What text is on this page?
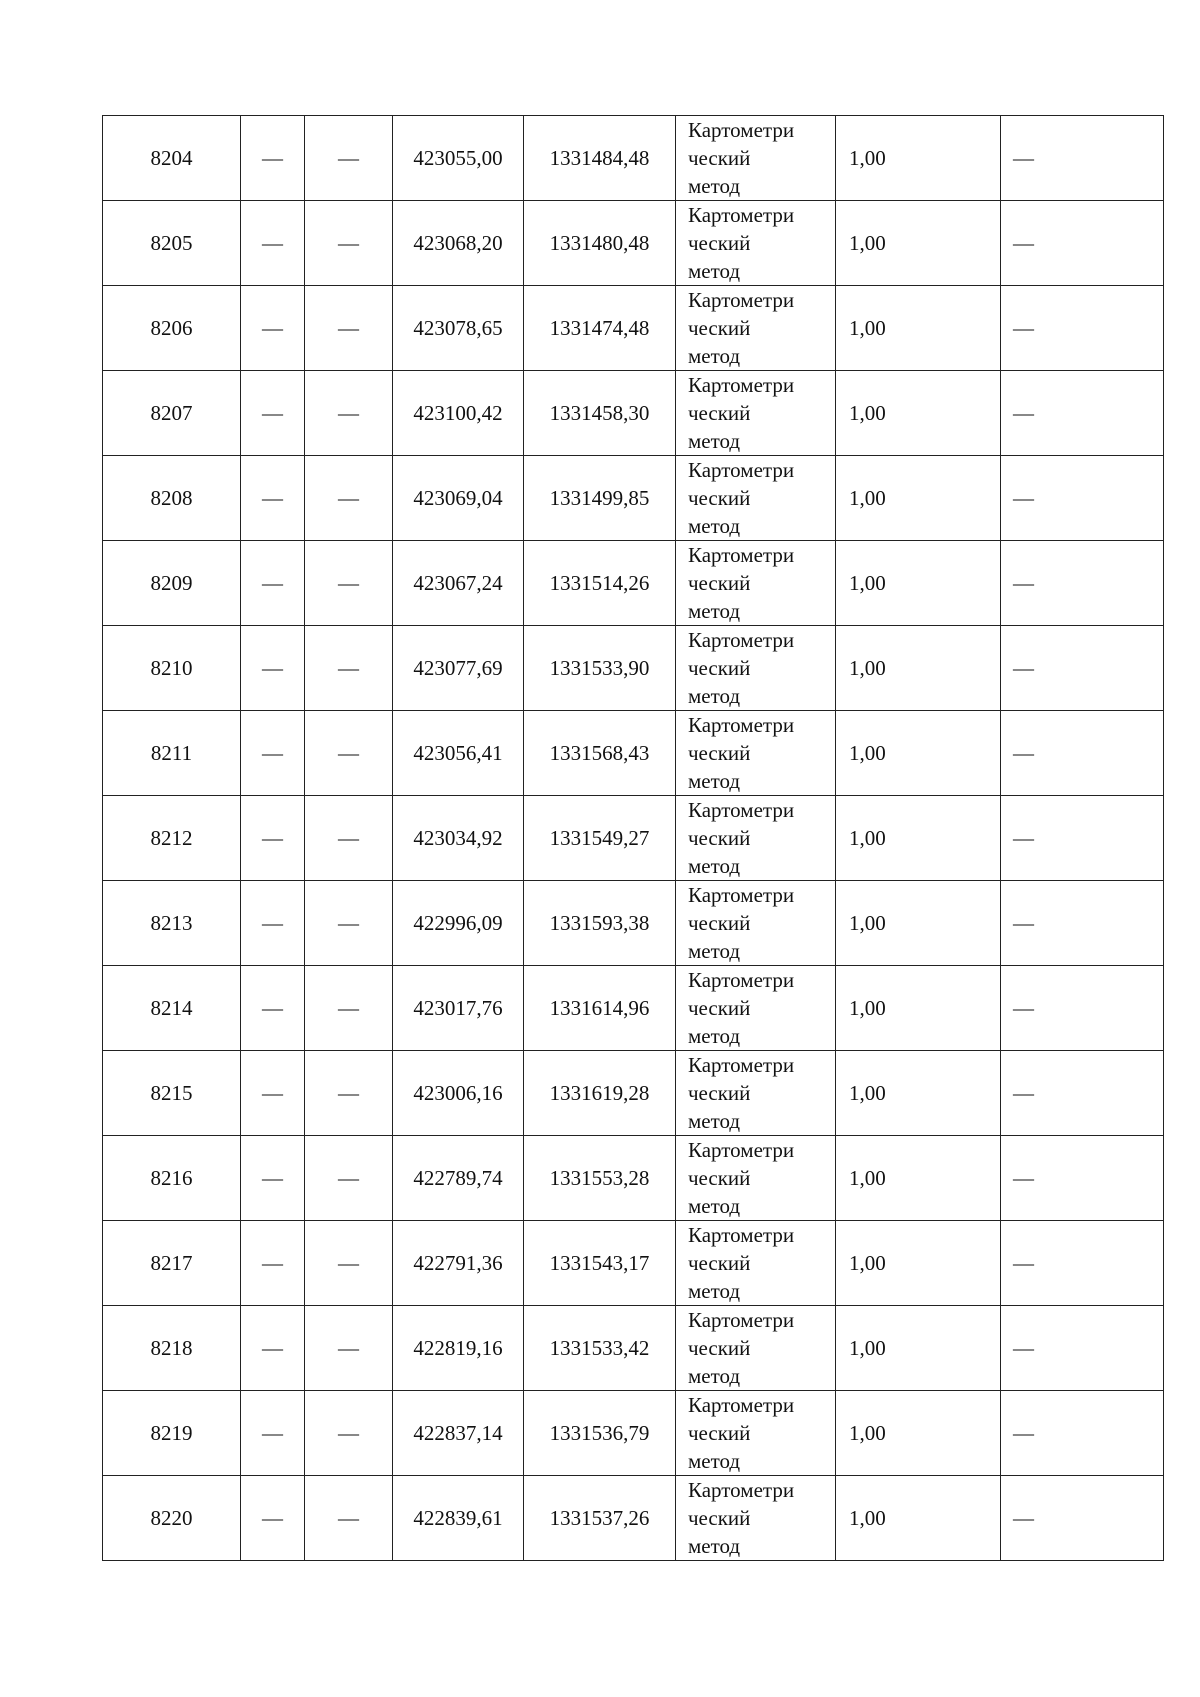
8204	—	—	423055,00	1331484,48	Картометри
ческий
метод	1,00	—
8205	—	—	423068,20	1331480,48	Картометри
ческий
метод	1,00	—
8206	—	—	423078,65	1331474,48	Картометри
ческий
метод	1,00	—
8207	—	—	423100,42	1331458,30	Картометри
ческий
метод	1,00	—
8208	—	—	423069,04	1331499,85	Картометри
ческий
метод	1,00	—
8209	—	—	423067,24	1331514,26	Картометри
ческий
метод	1,00	—
8210	—	—	423077,69	1331533,90	Картометри
ческий
метод	1,00	—
8211	—	—	423056,41	1331568,43	Картометри
ческий
метод	1,00	—
8212	—	—	423034,92	1331549,27	Картометри
ческий
метод	1,00	—
8213	—	—	422996,09	1331593,38	Картометри
ческий
метод	1,00	—
8214	—	—	423017,76	1331614,96	Картометри
ческий
метод	1,00	—
8215	—	—	423006,16	1331619,28	Картометри
ческий
метод	1,00	—
8216	—	—	422789,74	1331553,28	Картометри
ческий
метод	1,00	—
8217	—	—	422791,36	1331543,17	Картометри
ческий
метод	1,00	—
8218	—	—	422819,16	1331533,42	Картометри
ческий
метод	1,00	—
8219	—	—	422837,14	1331536,79	Картометри
ческий
метод	1,00	—
8220	—	—	422839,61	1331537,26	Картометри
ческий
метод	1,00	—
